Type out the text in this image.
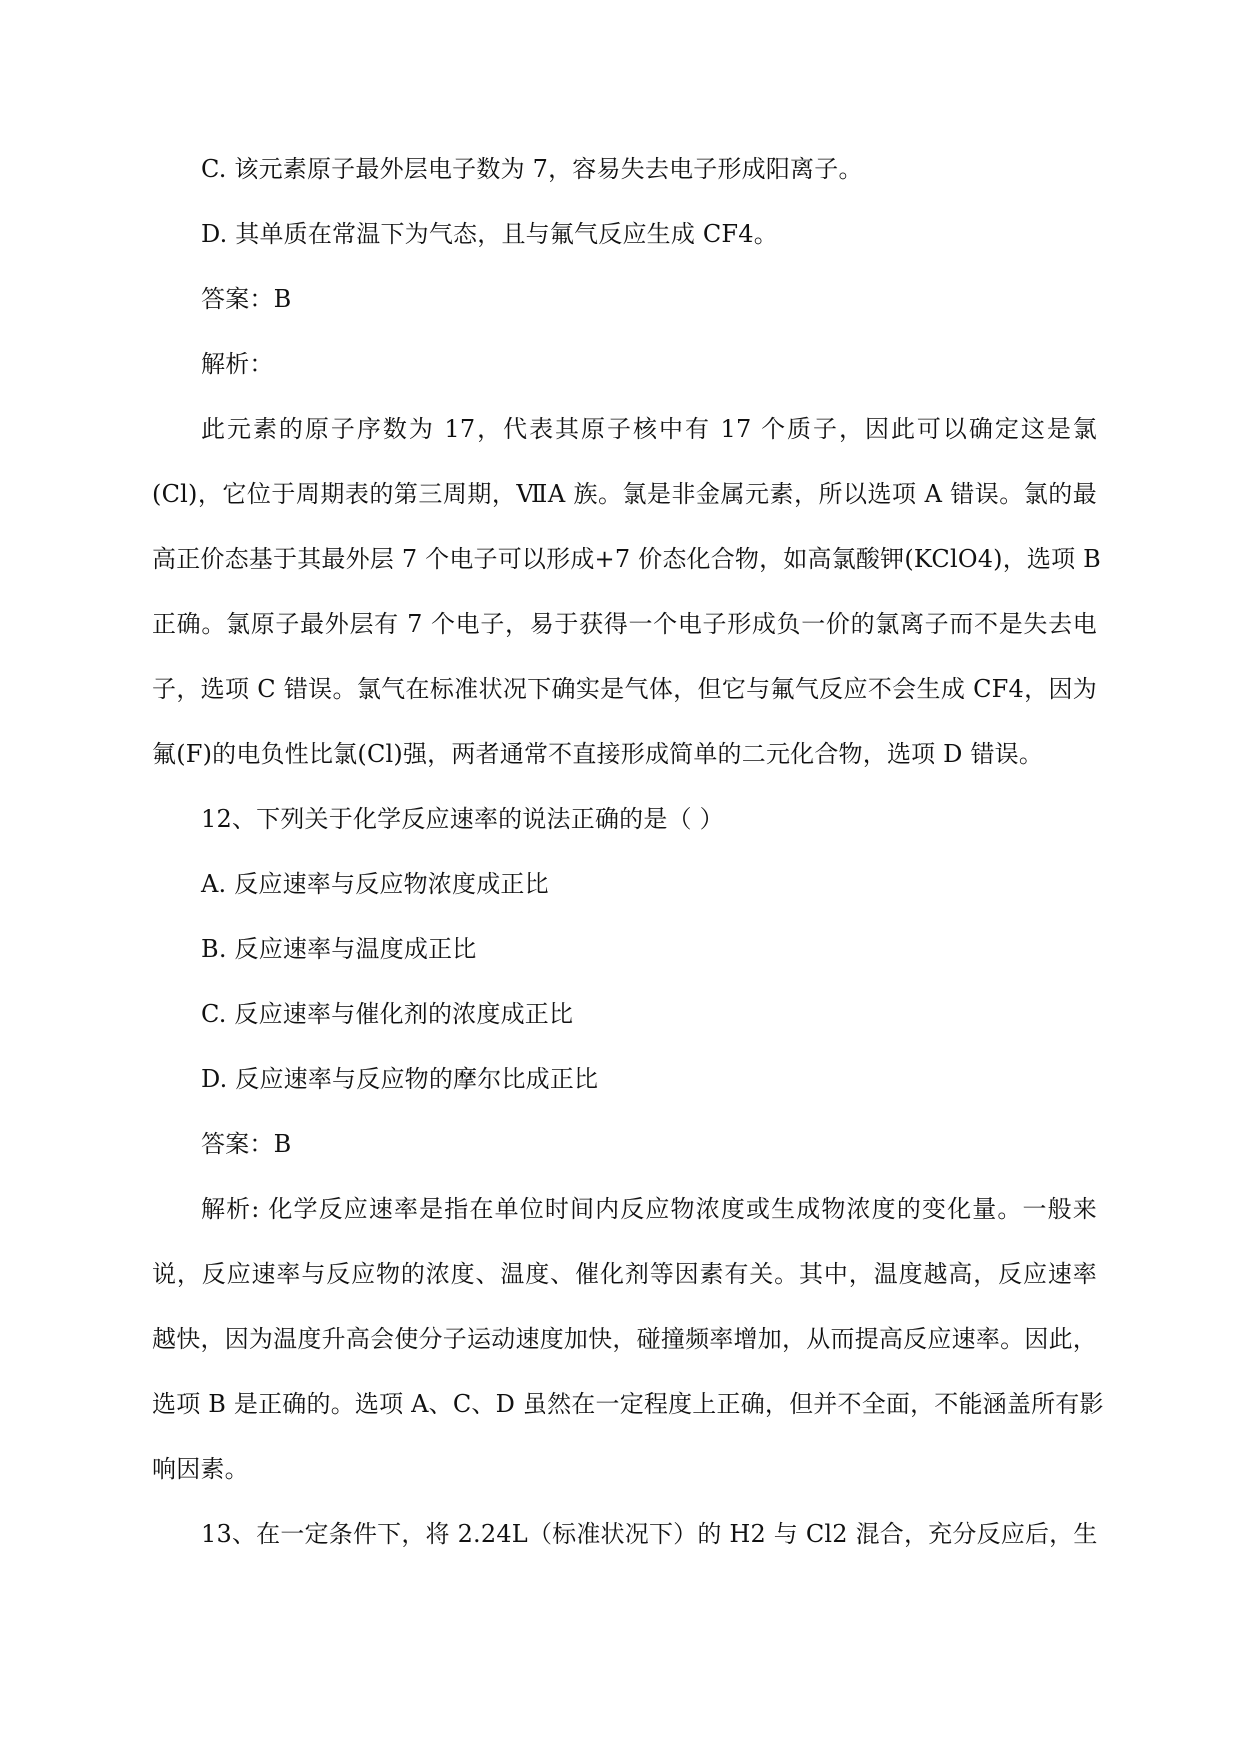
C. 该元素原子最外层电子数为 7，容易失去电子形成阳离子。
D. 其单质在常温下为气态，且与氟气反应生成 CF4。
答案：B
解析：
此元素的原子序数为 17，代表其原子核中有 17 个质子，因此可以确定这是氯
(Cl)，它位于周期表的第三周期，ⅦA 族。氯是非金属元素，所以选项 A 错误。氯的最
高正价态基于其最外层 7 个电子可以形成+7 价态化合物，如高氯酸钾(KClO4)，选项 B
正确。氯原子最外层有 7 个电子，易于获得一个电子形成负一价的氯离子而不是失去电
子，选项 C 错误。氯气在标准状况下确实是气体，但它与氟气反应不会生成 CF4，因为
氟(F)的电负性比氯(Cl)强，两者通常不直接形成简单的二元化合物，选项 D 错误。
12、下列关于化学反应速率的说法正确的是（ ）
A. 反应速率与反应物浓度成正比
B. 反应速率与温度成正比
C. 反应速率与催化剂的浓度成正比
D. 反应速率与反应物的摩尔比成正比
答案：B
解析: 化学反应速率是指在单位时间内反应物浓度或生成物浓度的变化量。一般来
说，反应速率与反应物的浓度、温度、催化剂等因素有关。其中，温度越高，反应速率
越快，因为温度升高会使分子运动速度加快，碰撞频率增加，从而提高反应速率。因此，
选项 B 是正确的。选项 A、C、D 虽然在一定程度上正确，但并不全面，不能涵盖所有影
响因素。
13、在一定条件下，将 2.24L（标准状况下）的 H2 与 Cl2 混合，充分反应后，生
